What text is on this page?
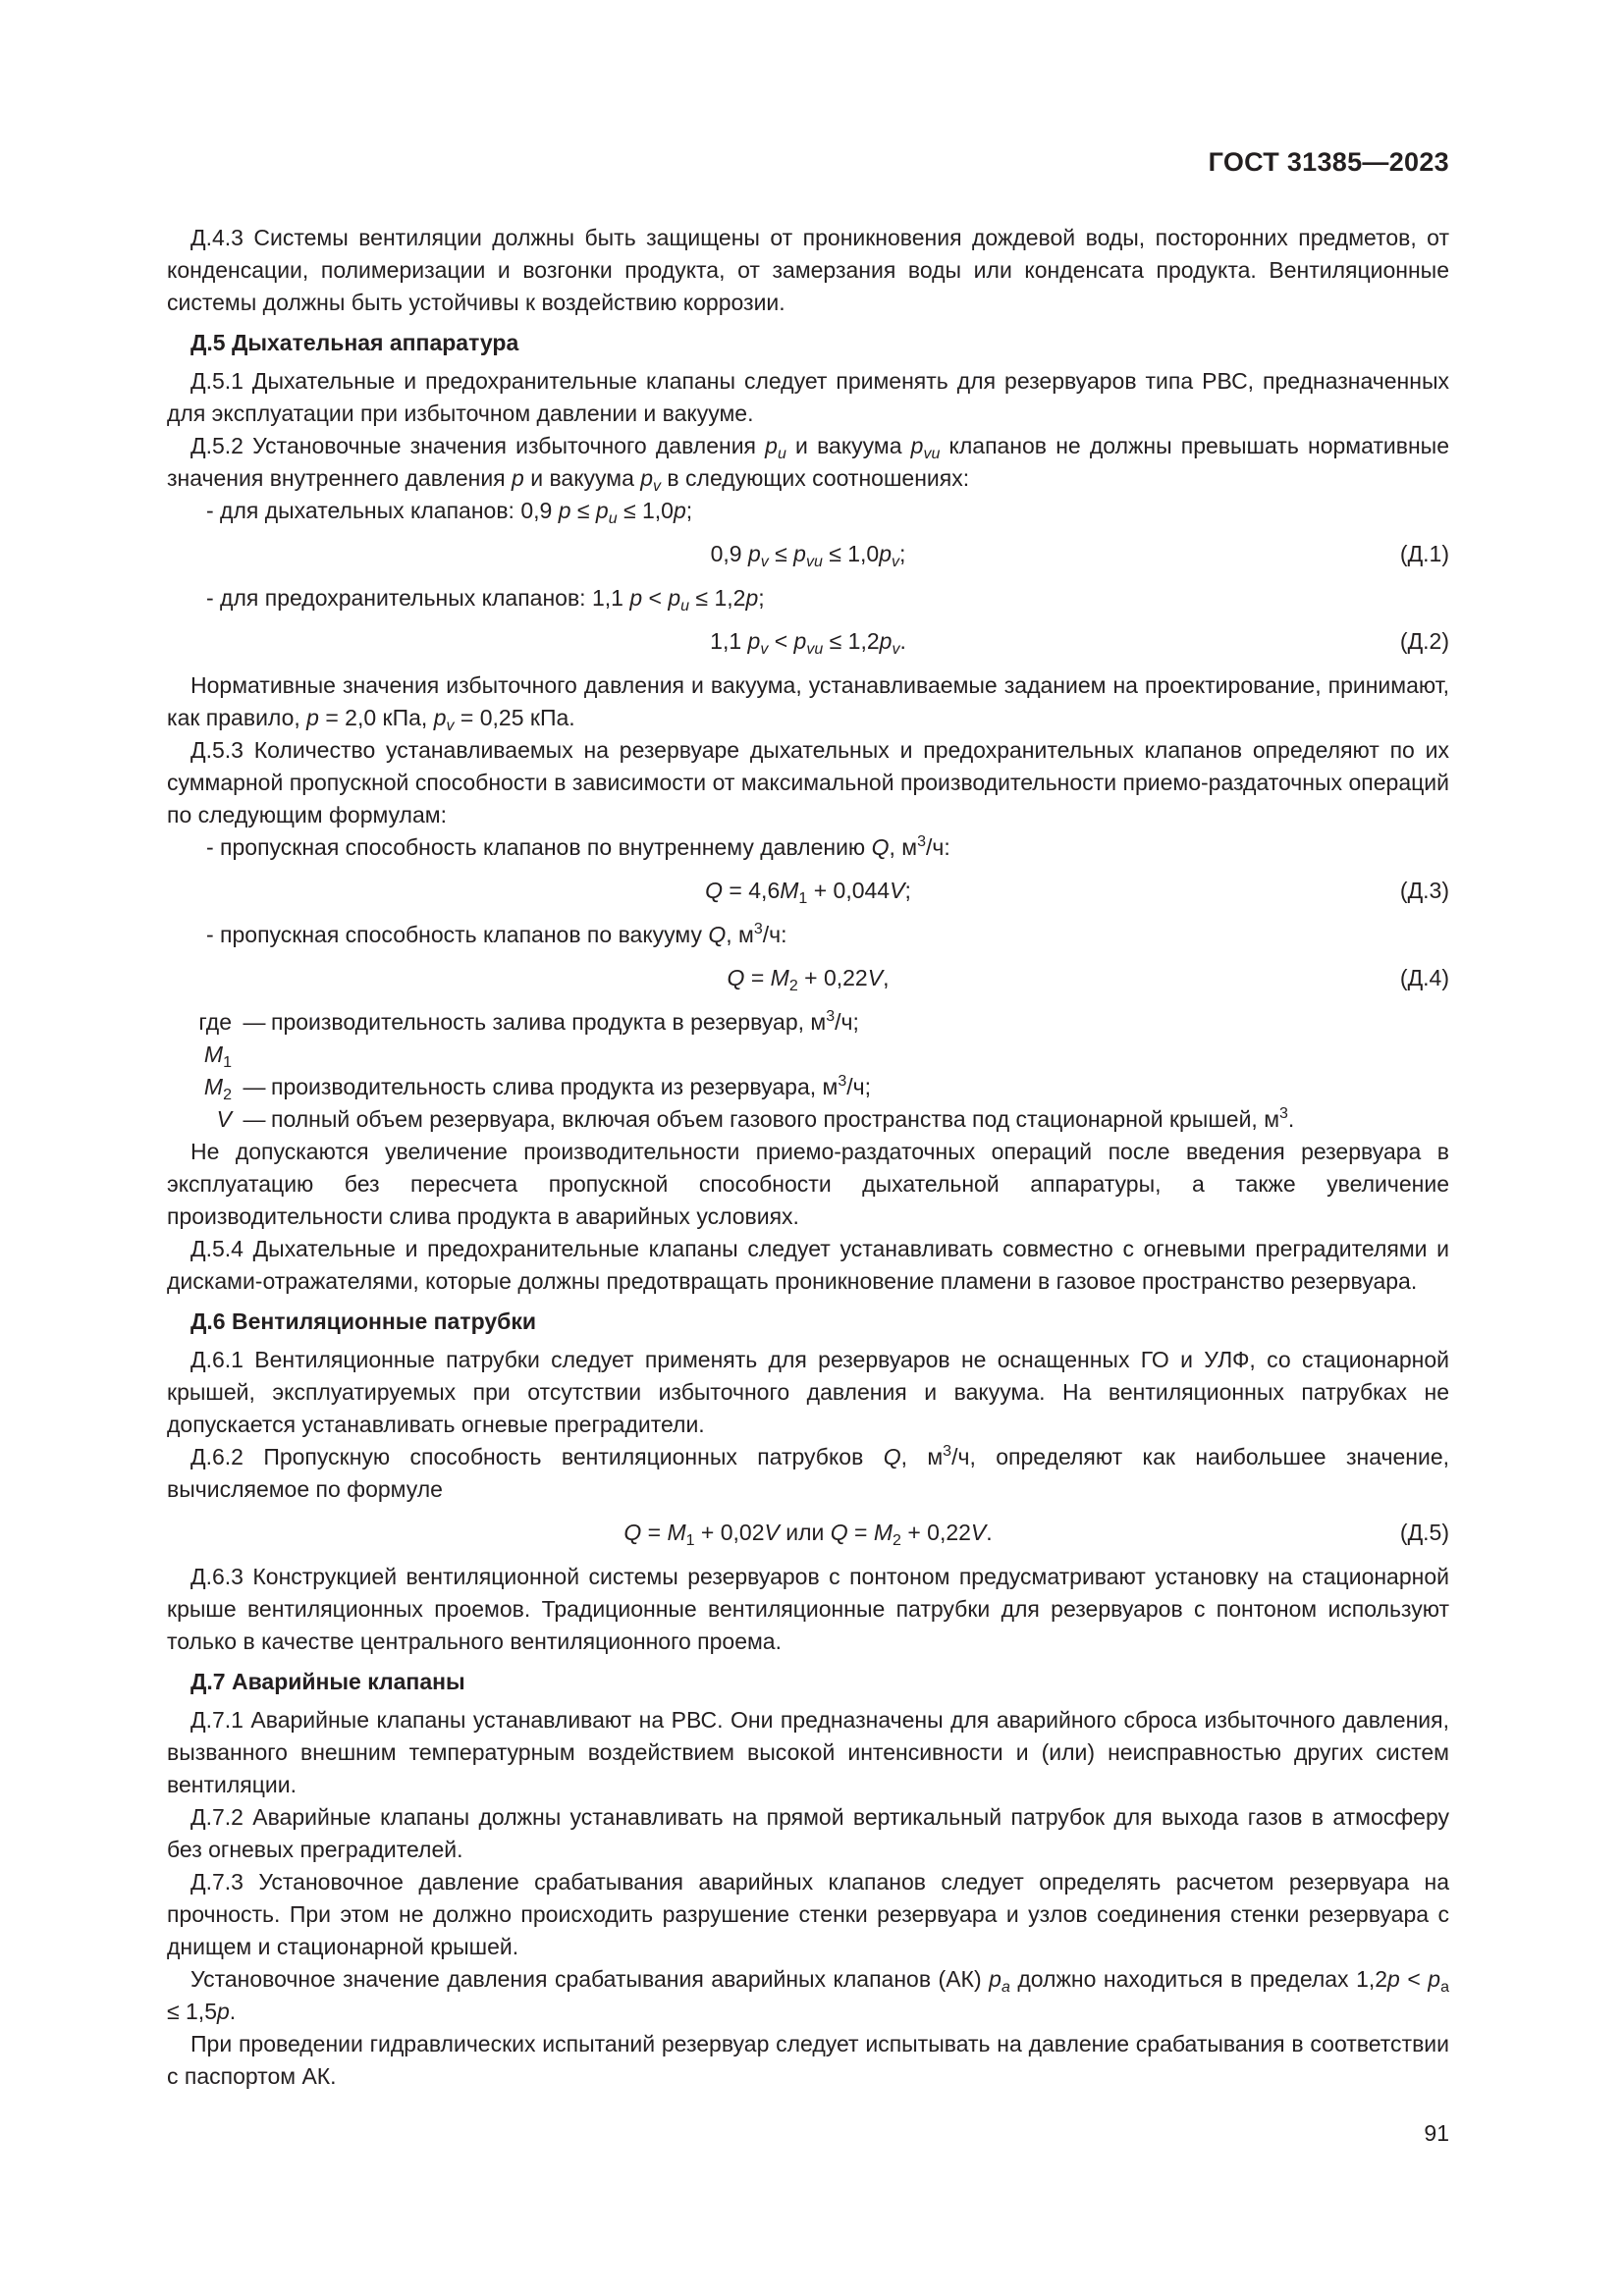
ГОСТ 31385—2023

Д.4.3 Системы вентиляции должны быть защищены от проникновения дождевой воды, посторонних предметов, от конденсации, полимеризации и возгонки продукта, от замерзания воды или конденсата продукта. Вентиляционные системы должны быть устойчивы к воздействию коррозии.

Д.5 Дыхательная аппаратура

Д.5.1 Дыхательные и предохранительные клапаны следует применять для резервуаров типа РВС, предназначенных для эксплуатации при избыточном давлении и вакууме.

Д.5.2 Установочные значения избыточного давления $p_u$ и вакуума $p_{vu}$ клапанов не должны превышать нормативные значения внутреннего давления p и вакуума $p_v$ в следующих соотношениях:

- для дыхательных клапанов: 0,9 $p \le p_u \le 1,0p$;

0,9 $p_v \le p_{vu} \le 1,0p_v$;	(Д.1)

- для предохранительных клапанов: 1,1 $p < p_u \le 1,2p$;

1,1 $p_v < p_{vu} \le 1,2p_v$.	(Д.2)

Нормативные значения избыточного давления и вакуума, устанавливаемые заданием на проектирование, принимают, как правило, p = 2,0 кПа, $p_v = 0,25$ кПа.

Д.5.3 Количество устанавливаемых на резервуаре дыхательных и предохранительных клапанов определяют по их суммарной пропускной способности в зависимости от максимальной производительности приемо-раздаточных операций по следующим формулам:

- пропускная способность клапанов по внутреннему давлению Q, $м^3/ч$:

$Q = 4,6M_1 + 0,044V$;	(Д.3)

- пропускная способность клапанов по вакууму Q, $м^3/ч$:

$Q = M_2 + 0,22V$,	(Д.4)
где $M_1$
— производительность залива продукта в резервуар, $м^3/ч$;
$M_2$ — производительность слива продукта из резервуара, $м^3/ч$;
V — полный объем резервуара, включая объем газового пространства под стационарной крышей, $м^3$.

Не допускаются увеличение производительности приемо-раздаточных операций после введения резервуара в эксплуатацию без пересчета пропускной способности дыхательной аппаратуры, а также увеличение производительности слива продукта в аварийных условиях.

Д.5.4 Дыхательные и предохранительные клапаны следует устанавливать совместно с огневыми преградителями и дисками-отражателями, которые должны предотвращать проникновение пламени в газовое пространство резервуара.

Д.6 Вентиляционные патрубки

Д.6.1 Вентиляционные патрубки следует применять для резервуаров не оснащенных ГО и УЛФ, со стационарной крышей, эксплуатируемых при отсутствии избыточного давления и вакуума. На вентиляционных патрубках не допускается устанавливать огневые преградители.

Д.6.2 Пропускную способность вентиляционных патрубков Q, $м^3/ч$, определяют как наибольшее значение, вычисляемое по формуле

$Q = M_1 + 0,02V$ или $Q = M_2 + 0,22V$.	(Д.5)

Д.6.3 Конструкцией вентиляционной системы резервуаров с понтоном предусматривают установку на стационарной крыше вентиляционных проемов. Традиционные вентиляционные патрубки для резервуаров с понтоном используют только в качестве центрального вентиляционного проема.

Д.7 Аварийные клапаны

Д.7.1 Аварийные клапаны устанавливают на РВС. Они предназначены для аварийного сброса избыточного давления, вызванного внешним температурным воздействием высокой интенсивности и (или) неисправностью других систем вентиляции.

Д.7.2 Аварийные клапаны должны устанавливать на прямой вертикальный патрубок для выхода газов в атмосферу без огневых преградителей.

Д.7.3 Установочное давление срабатывания аварийных клапанов следует определять расчетом резервуара на прочность. При этом не должно происходить разрушение стенки резервуара и узлов соединения стенки резервуара с днищем и стационарной крышей.

Установочное значение давления срабатывания аварийных клапанов (АК) $p_a$ должно находиться в пределах $1,2p < p_a \le 1,5p$.

При проведении гидравлических испытаний резервуар следует испытывать на давление срабатывания в соответствии с паспортом АК.

91
